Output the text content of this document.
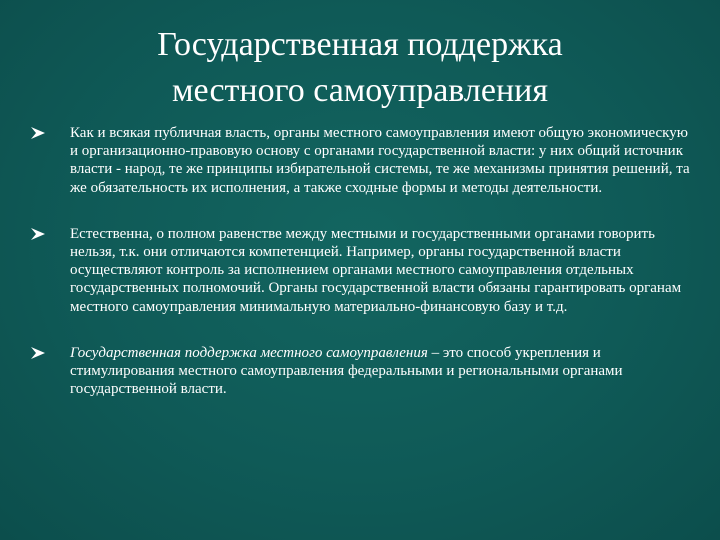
Государственная поддержка
местного самоуправления
Как и всякая публичная власть, органы местного самоуправления имеют общую экономическую и организационно-правовую основу с органами государственной власти: у них общий источник власти - народ, те же принципы избирательной системы, те же механизмы принятия решений, та же обязательность их исполнения, а также сходные формы и методы деятельности.
Естественна, о полном равенстве между местными и государственными органами говорить нельзя, т.к. они отличаются компетенцией. Например, органы государственной власти осуществляют контроль за исполнением органами местного самоуправления отдельных государственных полномочий. Органы государственной власти обязаны гарантировать органам местного самоуправления минимальную материально-финансовую базу и т.д.
Государственная поддержка местного самоуправления – это способ укрепления и стимулирования местного самоуправления федеральными и региональными органами государственной власти.
